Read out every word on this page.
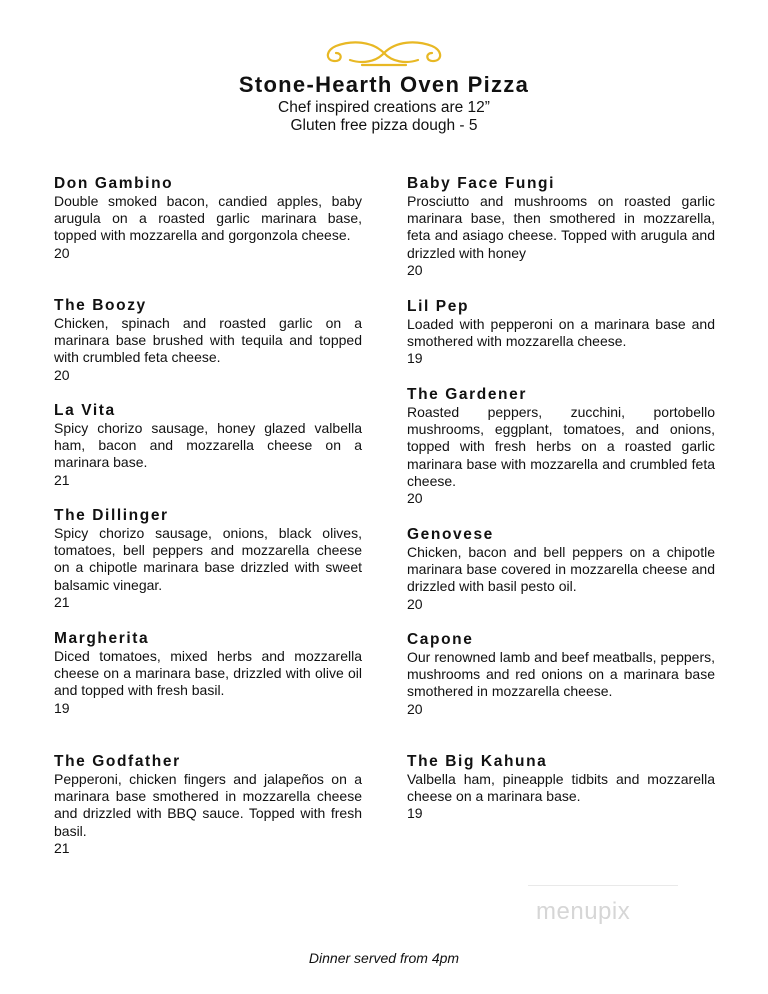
Stone-Hearth Oven Pizza
Chef inspired creations are 12”
Gluten free pizza dough - 5
Don Gambino
Double smoked bacon, candied apples, baby arugula on a roasted garlic marinara base, topped with mozzarella and gorgonzola cheese.
20
The Boozy
Chicken, spinach and roasted garlic on a marinara base brushed with tequila and topped with crumbled feta cheese.
20
La Vita
Spicy chorizo sausage, honey glazed valbella ham, bacon and mozzarella cheese on a marinara base.
21
The Dillinger
Spicy chorizo sausage, onions, black olives, tomatoes, bell peppers and mozzarella cheese on a chipotle marinara base drizzled with sweet balsamic vinegar.
21
Margherita
Diced tomatoes, mixed herbs and mozzarella cheese on a marinara base, drizzled with olive oil and topped with fresh basil.
19
The Godfather
Pepperoni, chicken fingers and jalapeños on a marinara base smothered in mozzarella cheese and drizzled with BBQ sauce. Topped with fresh basil.
21
Baby Face Fungi
Prosciutto and mushrooms on roasted garlic marinara base, then smothered in mozzarella, feta and asiago cheese. Topped with arugula and drizzled with honey
20
Lil Pep
Loaded with pepperoni on a marinara base and smothered with mozzarella cheese.
19
The Gardener
Roasted peppers, zucchini, portobello mushrooms, eggplant, tomatoes, and onions, topped with fresh herbs on a roasted garlic marinara base with mozzarella and crumbled feta cheese.
20
Genovese
Chicken, bacon and bell peppers on a chipotle marinara base covered in mozzarella cheese and drizzled with basil pesto oil.
20
Capone
Our renowned lamb and beef meatballs, peppers, mushrooms and red onions on a marinara base smothered in mozzarella cheese.
20
The Big Kahuna
Valbella ham, pineapple tidbits and mozzarella cheese on a marinara base.
19
menupix
Dinner served from 4pm
